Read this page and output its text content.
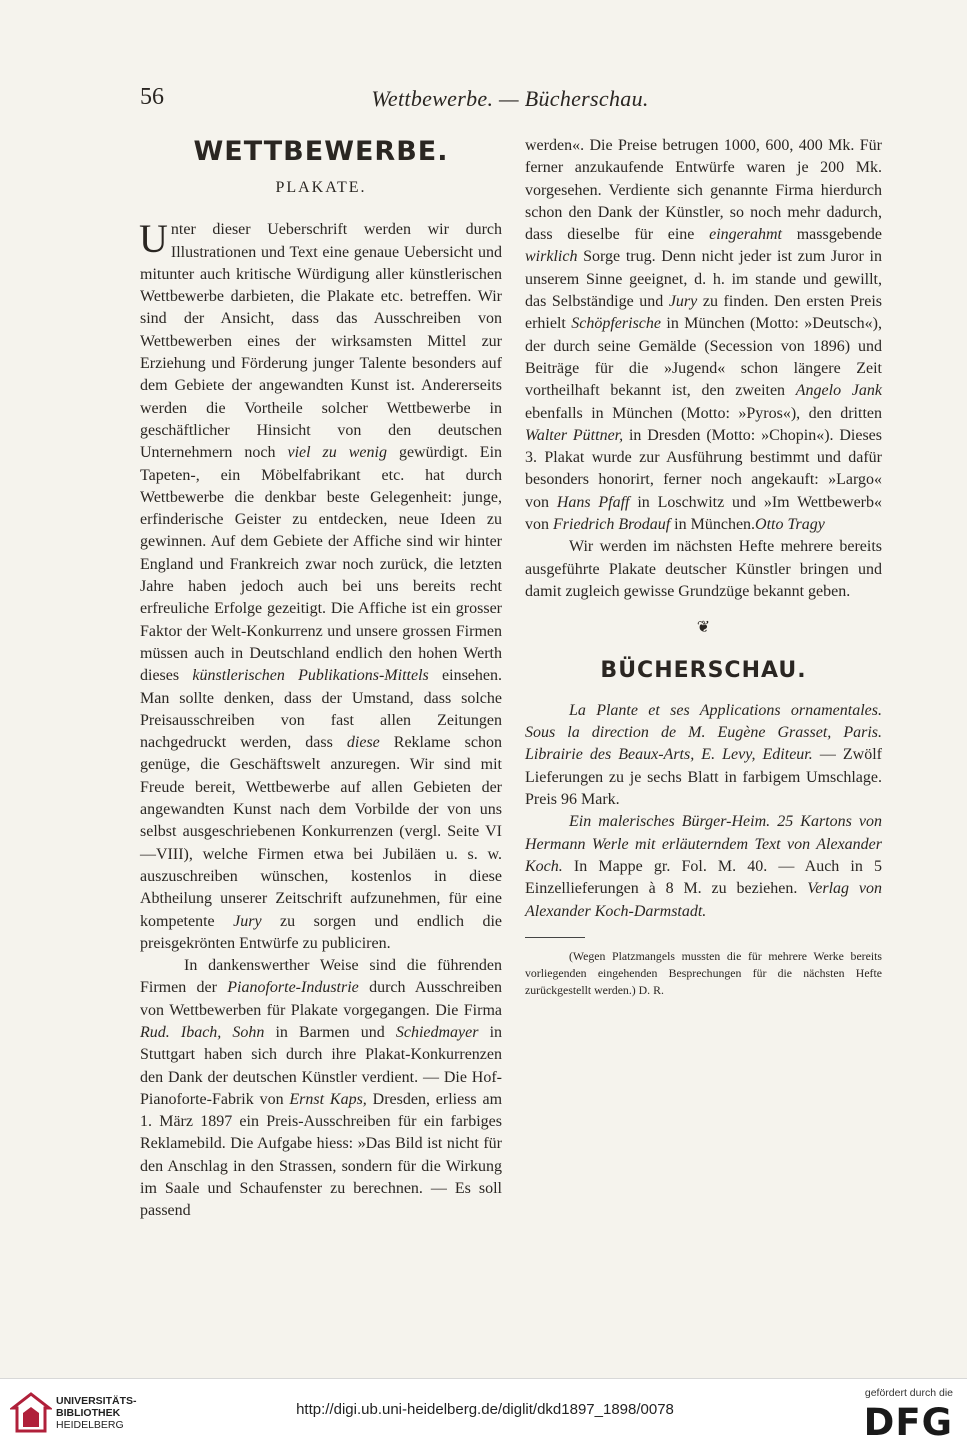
56	Wettbewerbe. — Bücherschau.
WETTBEWERBE.
PLAKATE.

Unter dieser Ueberschrift werden wir durch Illustrationen und Text eine genaue Uebersicht und mitunter auch kritische Würdigung aller künstlerischen Wettbewerbe darbieten, die Plakate etc. betreffen. Wir sind der Ansicht, dass das Ausschreiben von Wettbewerben eines der wirksamsten Mittel zur Erziehung und Förderung junger Talente besonders auf dem Gebiete der angewandten Kunst ist. Andererseits werden die Vortheile solcher Wettbewerbe in geschäftlicher Hinsicht von den deutschen Unternehmern noch viel zu wenig gewürdigt. Ein Tapeten-, ein Möbelfabrikant etc. hat durch Wettbewerbe die denkbar beste Gelegenheit: junge, erfinderische Geister zu entdecken, neue Ideen zu gewinnen. Auf dem Gebiete der Affiche sind wir hinter England und Frankreich zwar noch zurück, die letzten Jahre haben jedoch auch bei uns bereits recht erfreuliche Erfolge gezeitigt. Die Affiche ist ein grosser Faktor der Welt-Konkurrenz und unsere grossen Firmen müssen auch in Deutschland endlich den hohen Werth dieses künstlerischen Publikations-Mittels einsehen. Man sollte denken, dass der Umstand, dass solche Preisausschreiben von fast allen Zeitungen nachgedruckt werden, dass diese Reklame schon genüge, die Geschäftswelt anzuregen. Wir sind mit Freude bereit, Wettbewerbe auf allen Gebieten der angewandten Kunst nach dem Vorbilde der von uns selbst ausgeschriebenen Konkurrenzen (vergl. Seite VI—VIII), welche Firmen etwa bei Jubiläen u. s. w. auszuschreiben wünschen, kostenlos in diese Abtheilung unserer Zeitschrift aufzunehmen, für eine kompetente Jury zu sorgen und endlich die preisgekrönten Entwürfe zu publiciren.

In dankenswerther Weise sind die führenden Firmen der Pianoforte-Industrie durch Ausschreiben von Wettbewerben für Plakate vorgegangen. Die Firma Rud. Ibach, Sohn in Barmen und Schiedmayer in Stuttgart haben sich durch ihre Plakat-Konkurrenzen den Dank der deutschen Künstler verdient. — Die Hof-Pianoforte-Fabrik von Ernst Kaps, Dresden, erliess am 1. März 1897 ein Preis-Ausschreiben für ein farbiges Reklamebild. Die Aufgabe hiess: »Das Bild ist nicht für den Anschlag in den Strassen, sondern für die Wirkung im Saale und Schaufenster zu berechnen. — Es soll passend

werden«. Die Preise betrugen 1000, 600, 400 Mk. Für ferner anzukaufende Entwürfe waren je 200 Mk. vorgesehen. Verdiente sich genannte Firma hierdurch schon den Dank der Künstler, so noch mehr dadurch, dass dieselbe für eine eingerahmt massgebende wirklich Sorge trug. Denn nicht jeder ist zum Juror in unserem Sinne geeignet, d. h. im stande und gewillt, das Selbständige und Jury zu finden. Den ersten Preis erhielt Schöpferische in München (Motto: »Deutsch«), der durch seine Gemälde (Secession von 1896) und Beiträge für die »Jugend« schon längere Zeit vortheilhaft bekannt ist, den zweiten Angelo Jank ebenfalls in München (Motto: »Pyros«), den dritten Walter Püttner, in Dresden (Motto: »Chopin«). Dieses 3. Plakat wurde zur Ausführung bestimmt und dafür besonders honorirt, ferner noch angekauft: »Largo« von Hans Pfaff in Loschwitz und »Im Wettbewerb« von Friedrich Brodauf in München.Otto Tragy

Wir werden im nächsten Hefte mehrere bereits ausgeführte Plakate deutscher Künstler bringen und damit zugleich gewisse Grundzüge bekannt geben.

❦
BÜCHERSCHAU.

La Plante et ses Applications ornamentales. Sous la direction de M. Eugène Grasset, Paris. Librairie des Beaux-Arts, E. Levy, Editeur. — Zwölf Lieferungen zu je sechs Blatt in farbigem Umschlage. Preis 96 Mark.

Ein malerisches Bürger-Heim. 25 Kartons von Hermann Werle mit erläuterndem Text von Alexander Koch. In Mappe gr. Fol. M. 40. — Auch in 5 Einzellieferungen à 8 M. zu beziehen. Verlag von Alexander Koch-Darmstadt.

(Wegen Platzmangels mussten die für mehrere Werke bereits vorliegenden eingehenden Besprechungen für die nächsten Hefte zurückgestellt werden.) D. R.

UNIVERSITÄTS-
BIBLIOTHEK
HEIDELBERG
http://digi.ub.uni-heidelberg.de/diglit/dkd1897_1898/0078
gefördert durch die
DFG
